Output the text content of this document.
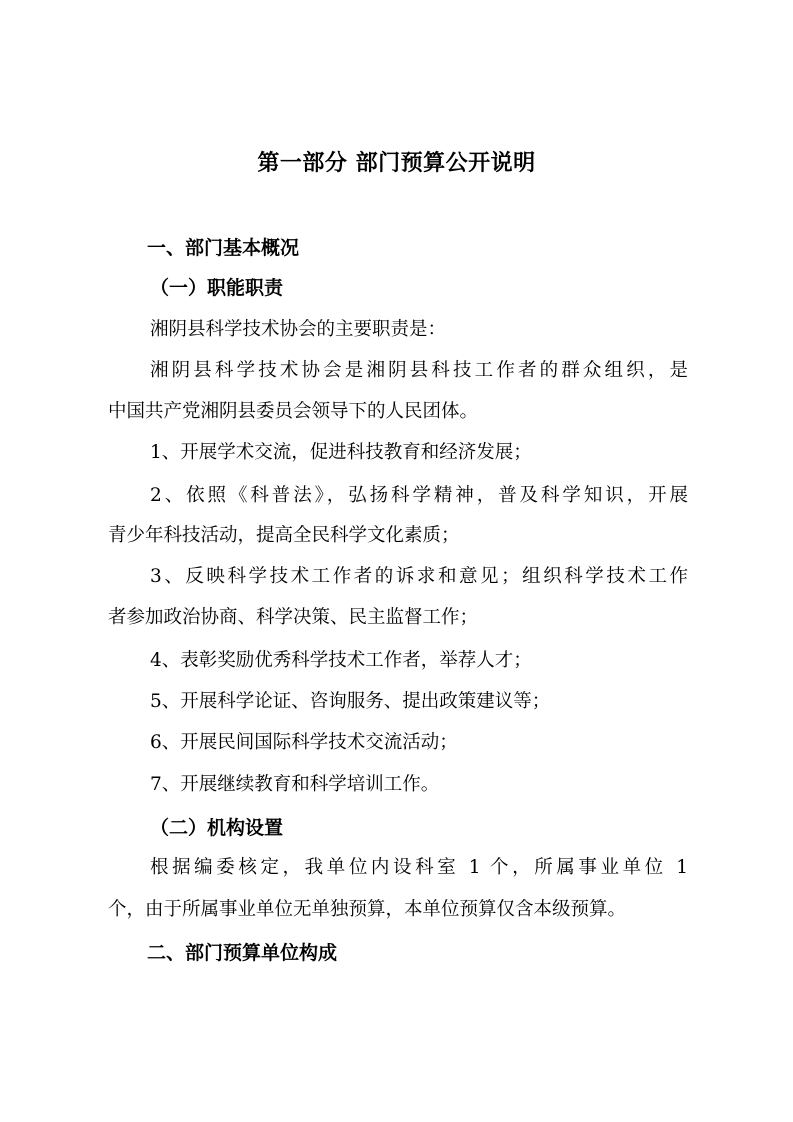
第一部分 部门预算公开说明
一、部门基本概况
（一）职能职责
湘阴县科学技术协会的主要职责是：
湘阴县科学技术协会是湘阴县科技工作者的群众组织，是
中国共产党湘阴县委员会领导下的人民团体。
1、开展学术交流，促进科技教育和经济发展；
2、依照《科普法》，弘扬科学精神，普及科学知识，开展
青少年科技活动，提高全民科学文化素质；
3、反映科学技术工作者的诉求和意见；组织科学技术工作
者参加政治协商、科学决策、民主监督工作；
4、表彰奖励优秀科学技术工作者，举荐人才；
5、开展科学论证、咨询服务、提出政策建议等；
6、开展民间国际科学技术交流活动；
7、开展继续教育和科学培训工作。
（二）机构设置
根据编委核定，我单位内设科室 1 个，所属事业单位 1
个，由于所属事业单位无单独预算，本单位预算仅含本级预算。
二、部门预算单位构成
